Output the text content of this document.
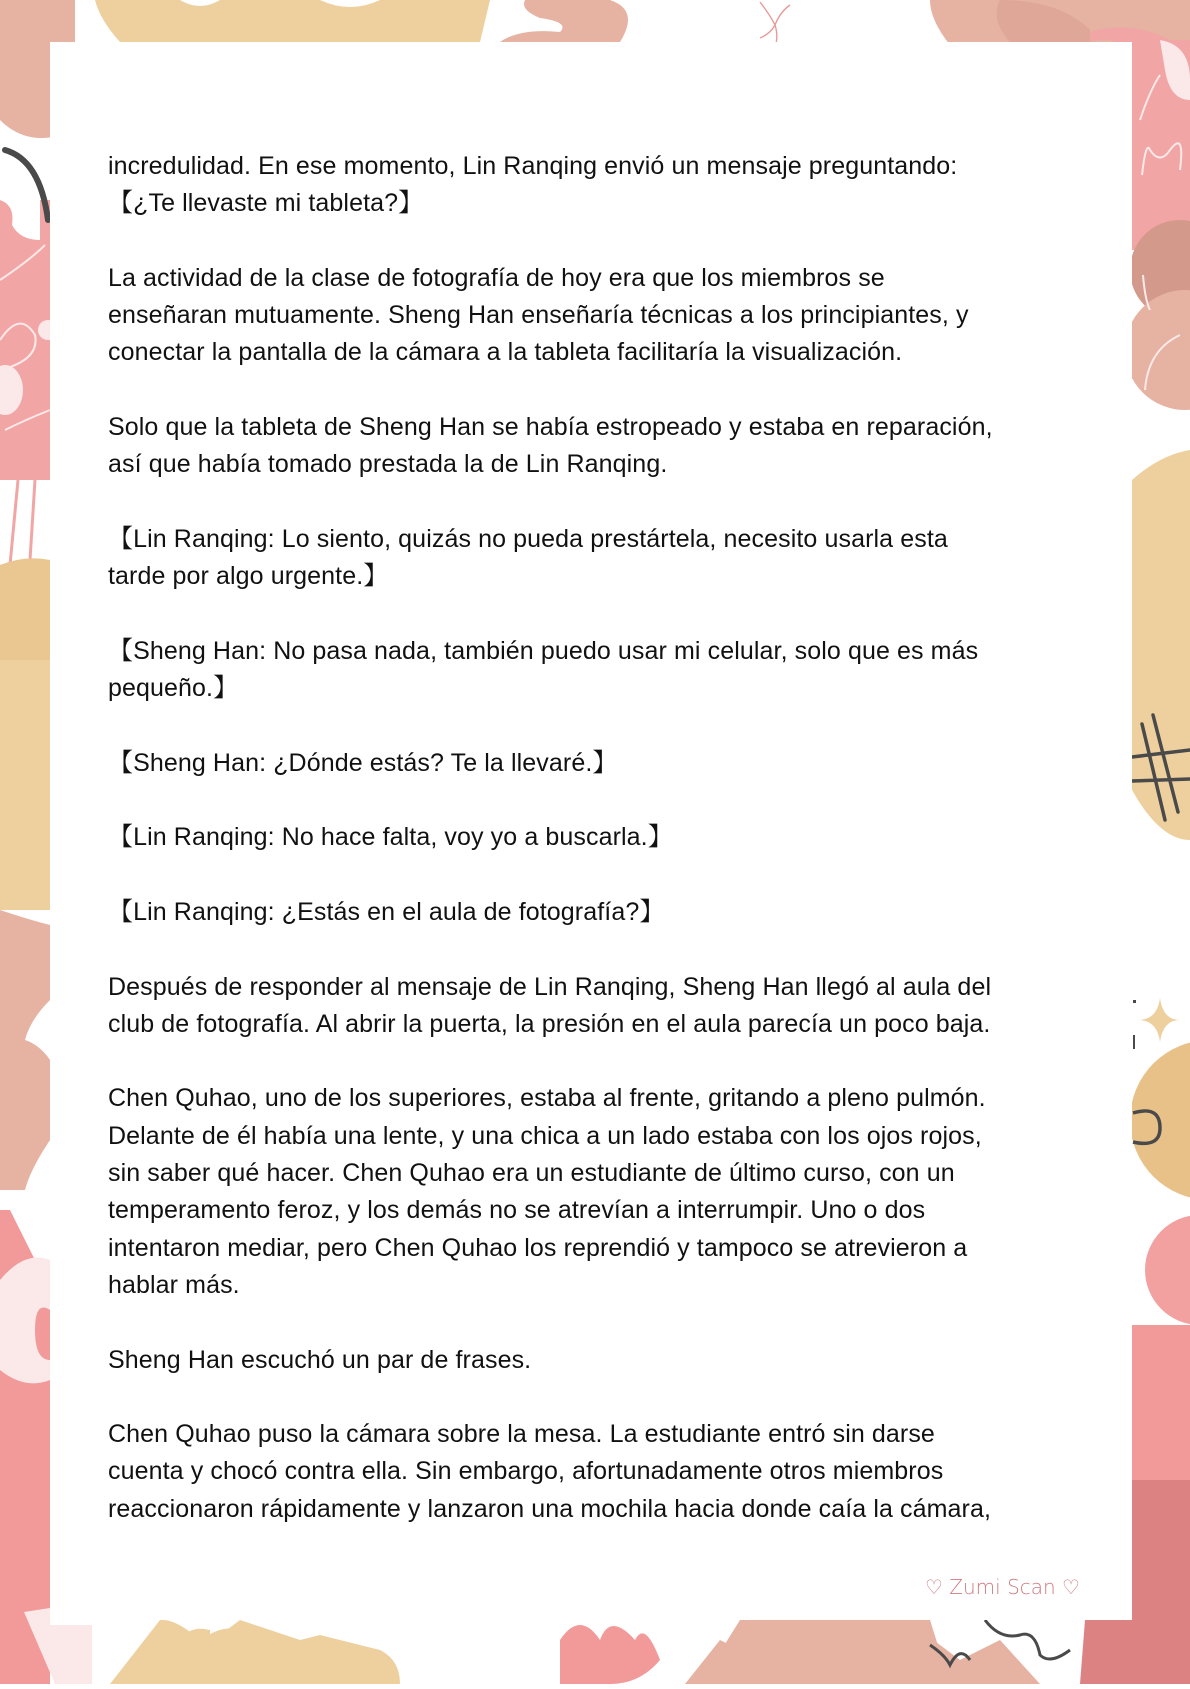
incredulidad. En ese momento, Lin Ranqing envió un mensaje preguntando:
【¿Te llevaste mi tableta?】

La actividad de la clase de fotografía de hoy era que los miembros se
enseñaran mutuamente. Sheng Han enseñaría técnicas a los principiantes, y
conectar la pantalla de la cámara a la tableta facilitaría la visualización.

Solo que la tableta de Sheng Han se había estropeado y estaba en reparación,
así que había tomado prestada la de Lin Ranqing.

【Lin Ranqing: Lo siento, quizás no pueda prestártela, necesito usarla esta
tarde por algo urgente.】

【Sheng Han: No pasa nada, también puedo usar mi celular, solo que es más
pequeño.】

【Sheng Han: ¿Dónde estás? Te la llevaré.】

【Lin Ranqing: No hace falta, voy yo a buscarla.】

【Lin Ranqing: ¿Estás en el aula de fotografía?】

Después de responder al mensaje de Lin Ranqing, Sheng Han llegó al aula del
club de fotografía. Al abrir la puerta, la presión en el aula parecía un poco baja.

Chen Quhao, uno de los superiores, estaba al frente, gritando a pleno pulmón.
Delante de él había una lente, y una chica a un lado estaba con los ojos rojos,
sin saber qué hacer. Chen Quhao era un estudiante de último curso, con un
temperamento feroz, y los demás no se atrevían a interrumpir. Uno o dos
intentaron mediar, pero Chen Quhao los reprendió y tampoco se atrevieron a
hablar más.

Sheng Han escuchó un par de frases.

Chen Quhao puso la cámara sobre la mesa. La estudiante entró sin darse
cuenta y chocó contra ella. Sin embargo, afortunadamente otros miembros
reaccionaron rápidamente y lanzaron una mochila hacia donde caía la cámara,

♡ Zumi Scan ♡
